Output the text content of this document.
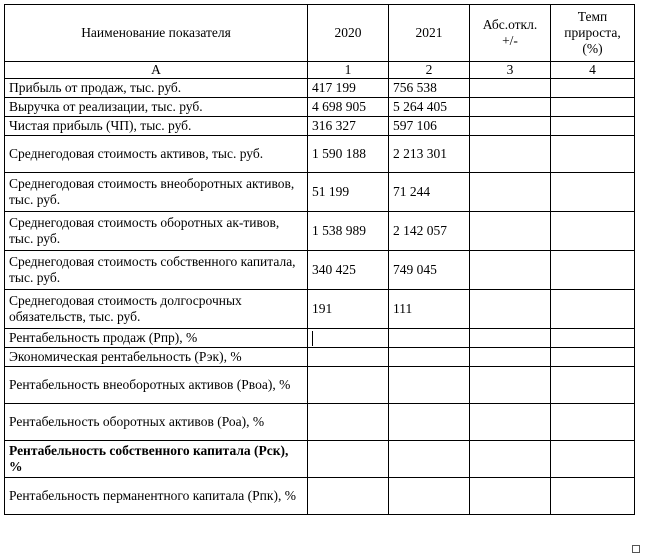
Наименование показателя	2020	2021	Абс.откл. +/-	Темп прироста, (%)
А	1	2	3	4
Прибыль от продаж, тыс. руб.	417 199	756 538		
Выручка от реализации, тыс. руб.	4 698 905	5 264 405		
Чистая прибыль (ЧП), тыс. руб.	316 327	597 106		
Среднегодовая стоимость активов, тыс. руб.	1 590 188	2 213 301		
Среднегодовая стоимость внеоборотных активов, тыс. руб.	51 199	71 244		
Среднегодовая стоимость оборотных ак-тивов, тыс. руб.	1 538 989	2 142 057		
Среднегодовая стоимость собственного капитала, тыс. руб.	340 425	749 045		
Среднегодовая стоимость долгосрочных обязательств, тыс. руб.	191	111		
Рентабельность продаж (Рпр), %				
Экономическая рентабельность (Рэк), %				
Рентабельность внеоборотных активов (Рвоа), %				
Рентабельность оборотных активов (Роа), %				
Рентабельность собственного капитала (Рск), %				
Рентабельность перманентного капитала (Рпк), %				
